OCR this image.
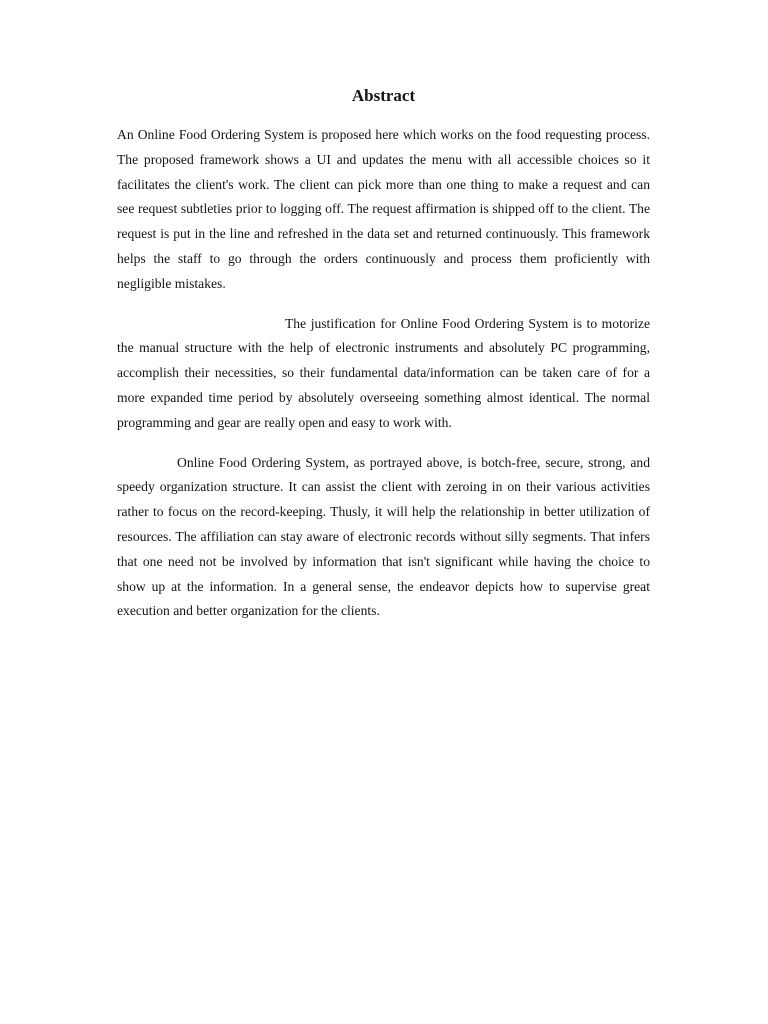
Abstract

An Online Food Ordering System is proposed here which works on the food requesting process. The proposed framework shows a UI and updates the menu with all accessible choices so it facilitates the client's work. The client can pick more than one thing to make a request and can see request subtleties prior to logging off. The request affirmation is shipped off to the client. The request is put in the line and refreshed in the data set and returned continuously. This framework helps the staff to go through the orders continuously and process them proficiently with negligible mistakes.

The justification for Online Food Ordering System is to motorize the manual structure with the help of electronic instruments and absolutely PC programming, accomplish their necessities, so their fundamental data/information can be taken care of for a more expanded time period by absolutely overseeing something almost identical. The normal programming and gear are really open and easy to work with.

Online Food Ordering System, as portrayed above, is botch-free, secure, strong, and speedy organization structure. It can assist the client with zeroing in on their various activities rather to focus on the record-keeping. Thusly, it will help the relationship in better utilization of resources. The affiliation can stay aware of electronic records without silly segments. That infers that one need not be involved by information that isn't significant while having the choice to show up at the information. In a general sense, the endeavor depicts how to supervise great execution and better organization for the clients.
